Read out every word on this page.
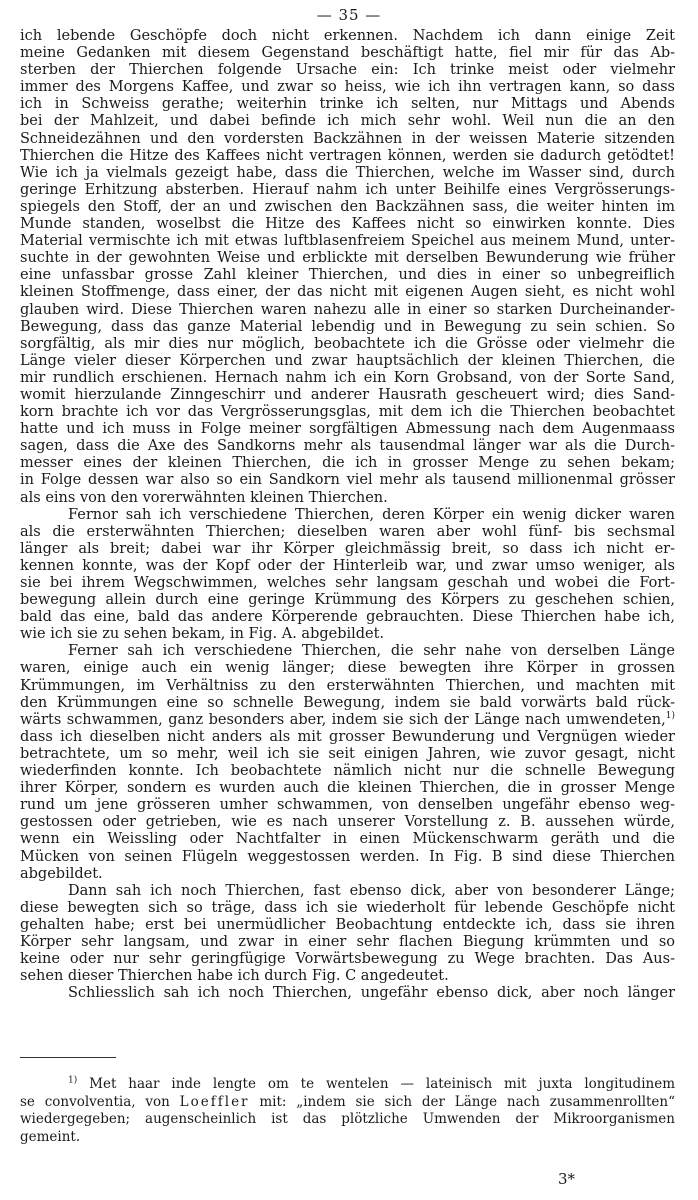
— 35 —
ich lebende Geschöpfe doch nicht erkennen. Nachdem ich dann einige Zeit
meine Gedanken mit diesem Gegenstand beschäftigt hatte, fiel mir für das Ab-
sterben der Thierchen folgende Ursache ein: Ich trinke meist oder vielmehr
immer des Morgens Kaffee, und zwar so heiss, wie ich ihn vertragen kann, so dass
ich in Schweiss gerathe; weiterhin trinke ich selten, nur Mittags und Abends
bei der Mahlzeit, und dabei befinde ich mich sehr wohl. Weil nun die an den
Schneidezähnen und den vordersten Backzähnen in der weissen Materie sitzenden
Thierchen die Hitze des Kaffees nicht vertragen können, werden sie dadurch getödtet!
Wie ich ja vielmals gezeigt habe, dass die Thierchen, welche im Wasser sind, durch
geringe Erhitzung absterben. Hierauf nahm ich unter Beihilfe eines Vergrösserungs-
spiegels den Stoff, der an und zwischen den Backzähnen sass, die weiter hinten im
Munde standen, woselbst die Hitze des Kaffees nicht so einwirken konnte. Dies
Material vermischte ich mit etwas luftblasenfreiem Speichel aus meinem Mund, unter-
suchte in der gewohnten Weise und erblickte mit derselben Bewunderung wie früher
eine unfassbar grosse Zahl kleiner Thierchen, und dies in einer so unbegreiflich
kleinen Stoffmenge, dass einer, der das nicht mit eigenen Augen sieht, es nicht wohl
glauben wird. Diese Thierchen waren nahezu alle in einer so starken Durcheinander-
Bewegung, dass das ganze Material lebendig und in Bewegung zu sein schien. So
sorgfältig, als mir dies nur möglich, beobachtete ich die Grösse oder vielmehr die
Länge vieler dieser Körperchen und zwar hauptsächlich der kleinen Thierchen, die
mir rundlich erschienen. Hernach nahm ich ein Korn Grobsand, von der Sorte Sand,
womit hierzulande Zinngeschirr und anderer Hausrath gescheuert wird; dies Sand-
korn brachte ich vor das Vergrösserungsglas, mit dem ich die Thierchen beobachtet
hatte und ich muss in Folge meiner sorgfältigen Abmessung nach dem Augenmaass
sagen, dass die Axe des Sandkorns mehr als tausendmal länger war als die Durch-
messer eines der kleinen Thierchen, die ich in grosser Menge zu sehen bekam;
in Folge dessen war also so ein Sandkorn viel mehr als tausend millionenmal grösser
als eins von den vorerwähnten kleinen Thierchen.
Fernor sah ich verschiedene Thierchen, deren Körper ein wenig dicker waren
als die ersterwähnten Thierchen; dieselben waren aber wohl fünf- bis sechsmal
länger als breit; dabei war ihr Körper gleichmässig breit, so dass ich nicht er-
kennen konnte, was der Kopf oder der Hinterleib war, und zwar umso weniger, als
sie bei ihrem Wegschwimmen, welches sehr langsam geschah und wobei die Fort-
bewegung allein durch eine geringe Krümmung des Körpers zu geschehen schien,
bald das eine, bald das andere Körperende gebrauchten. Diese Thierchen habe ich,
wie ich sie zu sehen bekam, in Fig. A. abgebildet.
Ferner sah ich verschiedene Thierchen, die sehr nahe von derselben Länge
waren, einige auch ein wenig länger; diese bewegten ihre Körper in grossen
Krümmungen, im Verhältniss zu den ersterwähnten Thierchen, und machten mit
den Krümmungen eine so schnelle Bewegung, indem sie bald vorwärts bald rück-
wärts schwammen, ganz besonders aber, indem sie sich der Länge nach umwendeten,$^{1)}$
dass ich dieselben nicht anders als mit grosser Bewunderung und Vergnügen wieder
betrachtete, um so mehr, weil ich sie seit einigen Jahren, wie zuvor gesagt, nicht
wiederfinden konnte. Ich beobachtete nämlich nicht nur die schnelle Bewegung
ihrer Körper, sondern es wurden auch die kleinen Thierchen, die in grosser Menge
rund um jene grösseren umher schwammen, von denselben ungefähr ebenso weg-
gestossen oder getrieben, wie es nach unserer Vorstellung z. B. aussehen würde,
wenn ein Weissling oder Nachtfalter in einen Mückenschwarm geräth und die
Mücken von seinen Flügeln weggestossen werden. In Fig. B sind diese Thierchen
abgebildet.
Dann sah ich noch Thierchen, fast ebenso dick, aber von besonderer Länge;
diese bewegten sich so träge, dass ich sie wiederholt für lebende Geschöpfe nicht
gehalten habe; erst bei unermüdlicher Beobachtung entdeckte ich, dass sie ihren
Körper sehr langsam, und zwar in einer sehr flachen Biegung krümmten und so
keine oder nur sehr geringfügige Vorwärtsbewegung zu Wege brachten. Das Aus-
sehen dieser Thierchen habe ich durch Fig. C angedeutet.
Schliesslich sah ich noch Thierchen, ungefähr ebenso dick, aber noch länger
$^{1)}$ Met haar inde lengte om te wentelen — lateinisch mit juxta longitudinem
se convolventia, von Loeffler mit: „indem sie sich der Länge nach zusammenrollten“
wiedergegeben; augenscheinlich ist das plötzliche Umwenden der Mikroorganismen
gemeint.
3*
